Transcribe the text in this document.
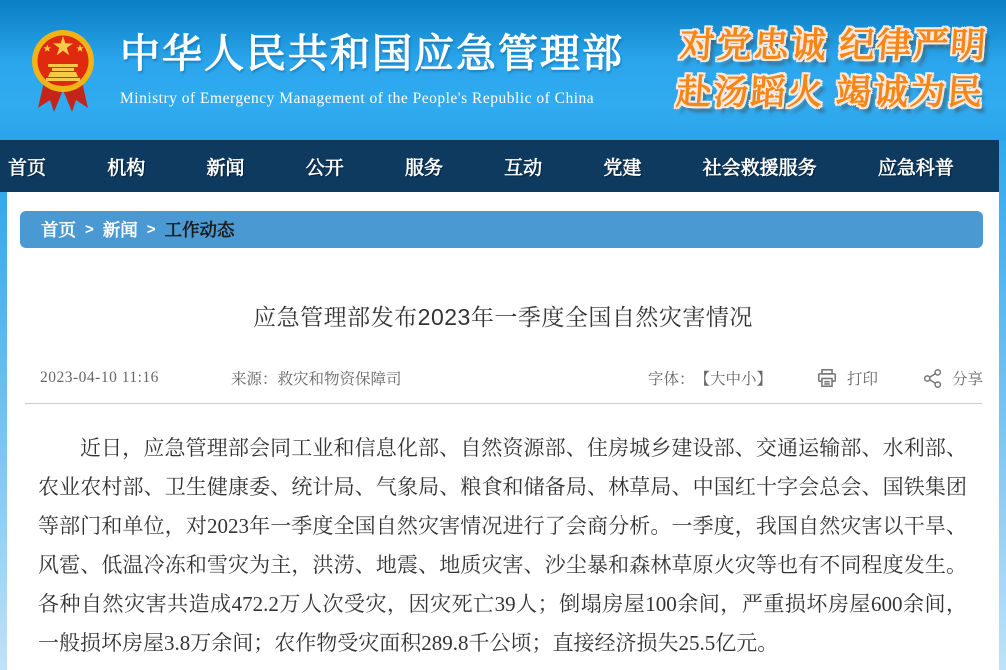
中华人民共和国应急管理部
Ministry of Emergency Management of the People's Republic of China
对党忠诚 纪律严明
赴汤蹈火 竭诚为民
首页	机构	新闻	公开	服务	互动	党建	社会救援服务	应急科普
首页 > 新闻 > 工作动态
应急管理部发布2023年一季度全国自然灾害情况
2023-04-10 11:16	来源：救灾和物资保障司	字体： 【大中小】	打印	分享

近日，应急管理部会同工业和信息化部、自然资源部、住房城乡建设部、交通运输部、水利部、农业农村部、卫生健康委、统计局、气象局、粮食和储备局、林草局、中国红十字会总会、国铁集团等部门和单位，对2023年一季度全国自然灾害情况进行了会商分析。一季度，我国自然灾害以干旱、风雹、低温冷冻和雪灾为主，洪涝、地震、地质灾害、沙尘暴和森林草原火灾等也有不同程度发生。各种自然灾害共造成472.2万人次受灾，因灾死亡39人；倒塌房屋100余间，严重损坏房屋600余间，一般损坏房屋3.8万余间；农作物受灾面积289.8千公顷；直接经济损失25.5亿元。
